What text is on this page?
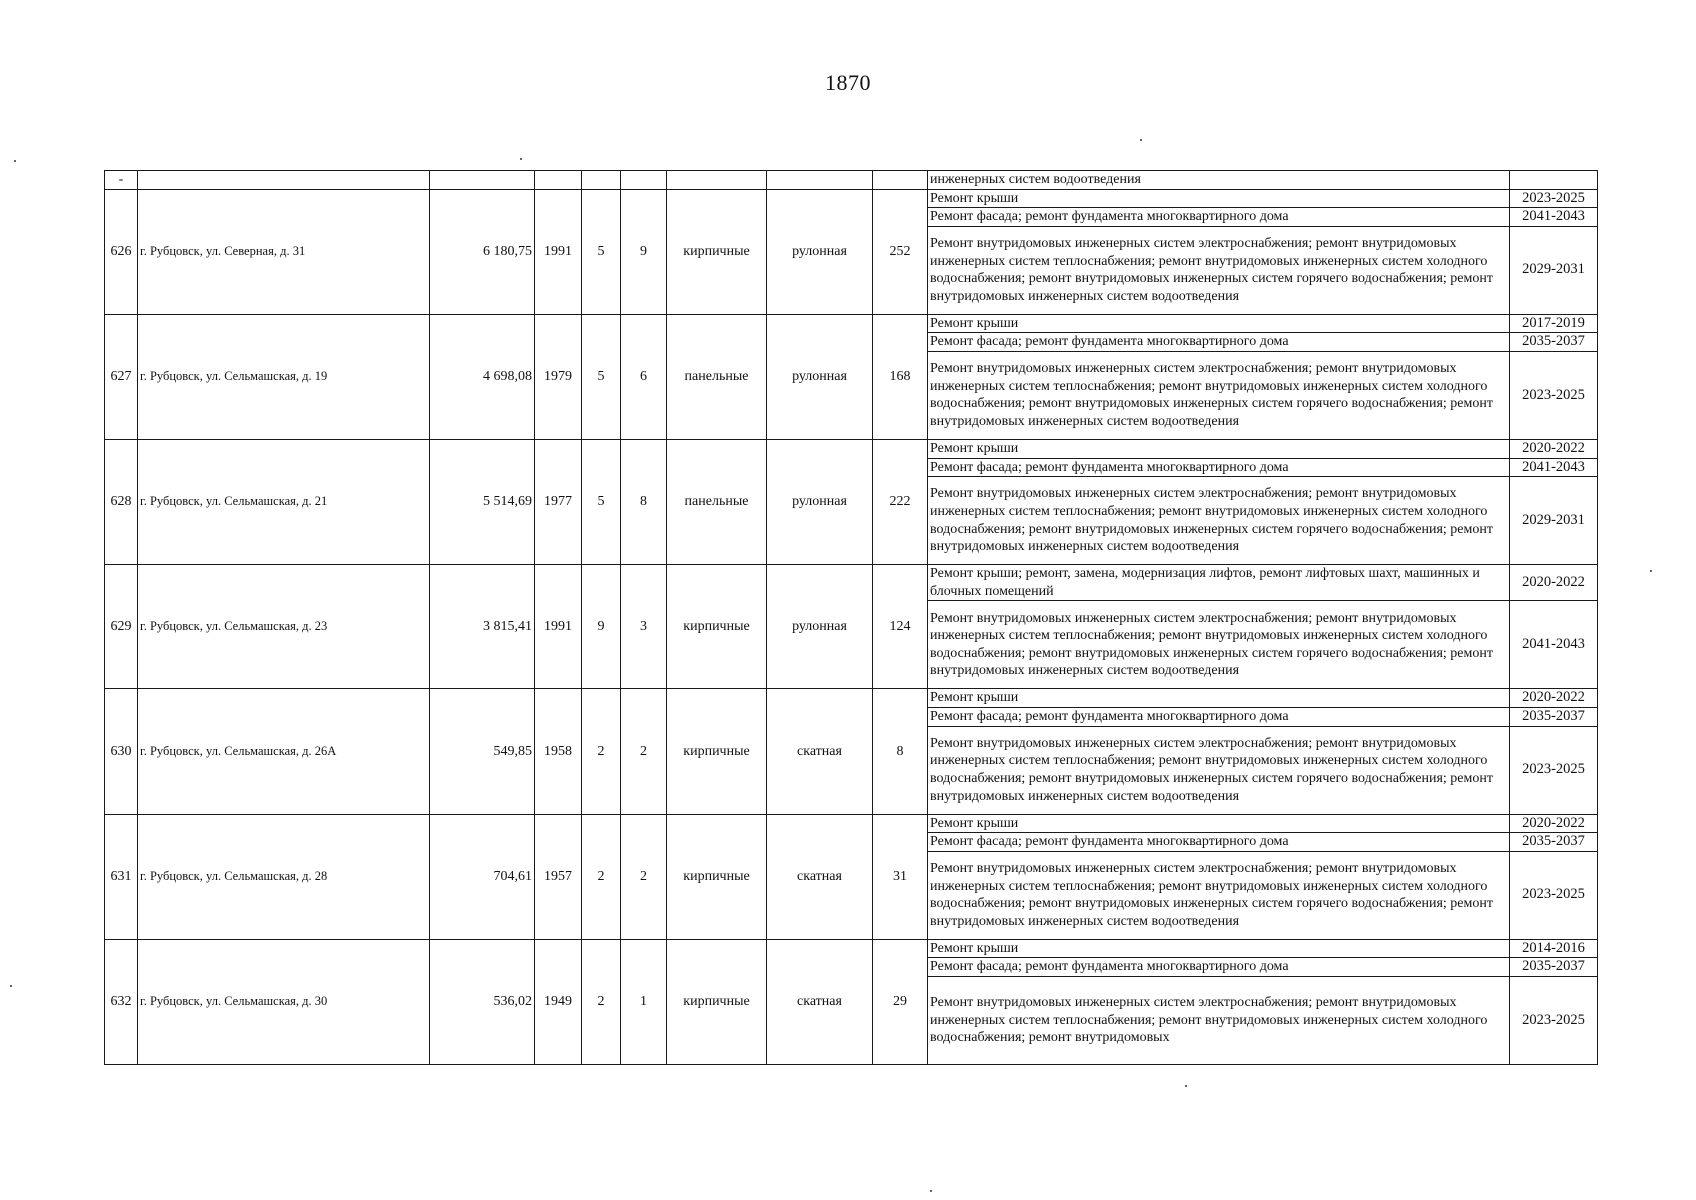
1870
-									инженерных систем водоотведения	
626	г. Рубцовск, ул. Северная, д. 31	6 180,75	1991	5	9	кирпичные	рулонная	252	Ремонт крыши	2023-2025
									Ремонт фасада; ремонт фундамента многоквартирного дома	2041-2043
									Ремонт внутридомовых инженерных систем электроснабжения; ремонт внутридомовых инженерных систем теплоснабжения; ремонт внутридомовых инженерных систем холодного водоснабжения; ремонт внутридомовых инженерных систем горячего водоснабжения; ремонт внутридомовых инженерных систем водоотведения	2029-2031
627	г. Рубцовск, ул. Сельмашская, д. 19	4 698,08	1979	5	6	панельные	рулонная	168	Ремонт крыши	2017-2019
									Ремонт фасада; ремонт фундамента многоквартирного дома	2035-2037
									Ремонт внутридомовых инженерных систем электроснабжения; ремонт внутридомовых инженерных систем теплоснабжения; ремонт внутридомовых инженерных систем холодного водоснабжения; ремонт внутридомовых инженерных систем горячего водоснабжения; ремонт внутридомовых инженерных систем водоотведения	2023-2025
628	г. Рубцовск, ул. Сельмашская, д. 21	5 514,69	1977	5	8	панельные	рулонная	222	Ремонт крыши	2020-2022
									Ремонт фасада; ремонт фундамента многоквартирного дома	2041-2043
									Ремонт внутридомовых инженерных систем электроснабжения; ремонт внутридомовых инженерных систем теплоснабжения; ремонт внутридомовых инженерных систем холодного водоснабжения; ремонт внутридомовых инженерных систем горячего водоснабжения; ремонт внутридомовых инженерных систем водоотведения	2029-2031
629	г. Рубцовск, ул. Сельмашская, д. 23	3 815,41	1991	9	3	кирпичные	рулонная	124	Ремонт крыши; ремонт, замена, модернизация лифтов, ремонт лифтовых шахт, машинных и блочных помещений	2020-2022
									Ремонт внутридомовых инженерных систем электроснабжения; ремонт внутридомовых инженерных систем теплоснабжения; ремонт внутридомовых инженерных систем холодного водоснабжения; ремонт внутридомовых инженерных систем горячего водоснабжения; ремонт внутридомовых инженерных систем водоотведения	2041-2043
630	г. Рубцовск, ул. Сельмашская, д. 26А	549,85	1958	2	2	кирпичные	скатная	8	Ремонт крыши	2020-2022
									Ремонт фасада; ремонт фундамента многоквартирного дома	2035-2037
									Ремонт внутридомовых инженерных систем электроснабжения; ремонт внутридомовых инженерных систем теплоснабжения; ремонт внутридомовых инженерных систем холодного водоснабжения; ремонт внутридомовых инженерных систем горячего водоснабжения; ремонт внутридомовых инженерных систем водоотведения	2023-2025
631	г. Рубцовск, ул. Сельмашская, д. 28	704,61	1957	2	2	кирпичные	скатная	31	Ремонт крыши	2020-2022
									Ремонт фасада; ремонт фундамента многоквартирного дома	2035-2037
									Ремонт внутридомовых инженерных систем электроснабжения; ремонт внутридомовых инженерных систем теплоснабжения; ремонт внутридомовых инженерных систем холодного водоснабжения; ремонт внутридомовых инженерных систем горячего водоснабжения; ремонт внутридомовых инженерных систем водоотведения	2023-2025
632	г. Рубцовск, ул. Сельмашская, д. 30	536,02	1949	2	1	кирпичные	скатная	29	Ремонт крыши	2014-2016
									Ремонт фасада; ремонт фундамента многоквартирного дома	2035-2037
									Ремонт внутридомовых инженерных систем электроснабжения; ремонт внутридомовых инженерных систем теплоснабжения; ремонт внутридомовых инженерных систем холодного водоснабжения; ремонт внутридомовых	2023-2025
